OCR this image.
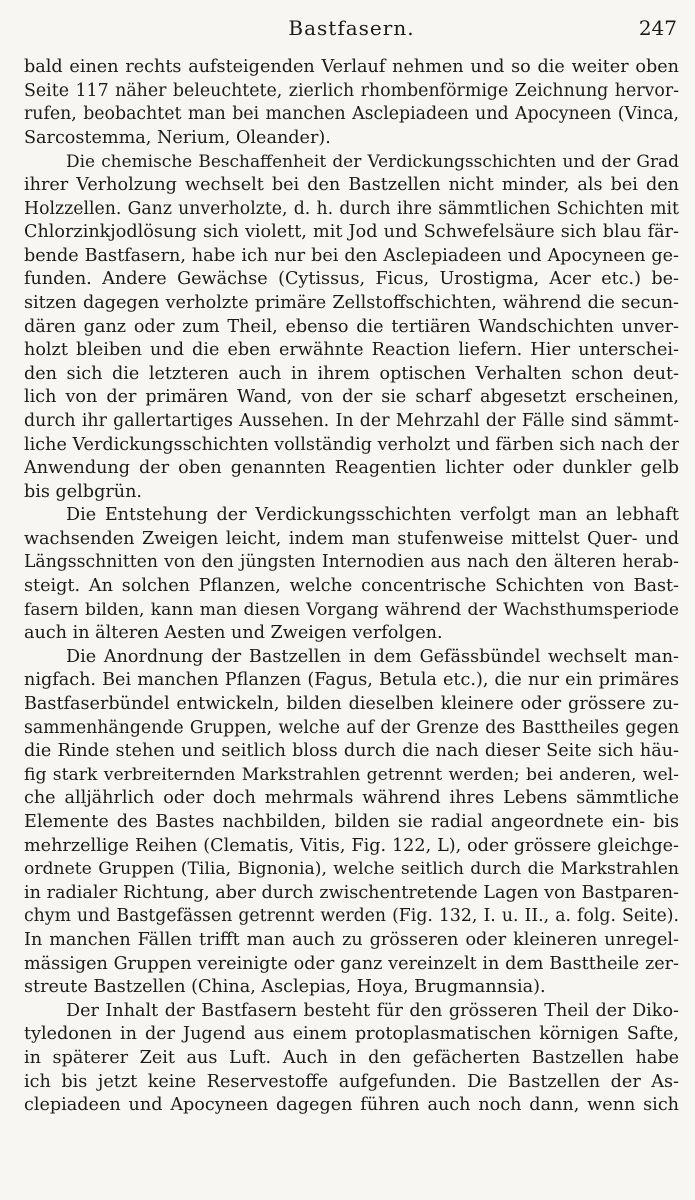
Bastfasern.	247
bald einen rechts aufsteigenden Verlauf nehmen und so die weiter oben
Seite 117 näher beleuchtete, zierlich rhombenförmige Zeichnung hervor-
rufen, beobachtet man bei manchen Asclepiadeen und Apocyneen (Vinca,
Sarcostemma, Nerium, Oleander).
Die chemische Beschaffenheit der Verdickungsschichten und der Grad
ihrer Verholzung wechselt bei den Bastzellen nicht minder, als bei den
Holzzellen. Ganz unverholzte, d. h. durch ihre sämmtlichen Schichten mit
Chlorzinkjodlösung sich violett, mit Jod und Schwefelsäure sich blau fär-
bende Bastfasern, habe ich nur bei den Asclepiadeen und Apocyneen ge-
funden. Andere Gewächse (Cytissus, Ficus, Urostigma, Acer etc.) be-
sitzen dagegen verholzte primäre Zellstoffschichten, während die secun-
dären ganz oder zum Theil, ebenso die tertiären Wandschichten unver-
holzt bleiben und die eben erwähnte Reaction liefern. Hier unterschei-
den sich die letzteren auch in ihrem optischen Verhalten schon deut-
lich von der primären Wand, von der sie scharf abgesetzt erscheinen,
durch ihr gallertartiges Aussehen. In der Mehrzahl der Fälle sind sämmt-
liche Verdickungsschichten vollständig verholzt und färben sich nach der
Anwendung der oben genannten Reagentien lichter oder dunkler gelb
bis gelbgrün.
Die Entstehung der Verdickungsschichten verfolgt man an lebhaft
wachsenden Zweigen leicht, indem man stufenweise mittelst Quer- und
Längsschnitten von den jüngsten Internodien aus nach den älteren herab-
steigt. An solchen Pflanzen, welche concentrische Schichten von Bast-
fasern bilden, kann man diesen Vorgang während der Wachsthumsperiode
auch in älteren Aesten und Zweigen verfolgen.
Die Anordnung der Bastzellen in dem Gefässbündel wechselt man-
nigfach. Bei manchen Pflanzen (Fagus, Betula etc.), die nur ein primäres
Bastfaserbündel entwickeln, bilden dieselben kleinere oder grössere zu-
sammenhängende Gruppen, welche auf der Grenze des Basttheiles gegen
die Rinde stehen und seitlich bloss durch die nach dieser Seite sich häu-
fig stark verbreiternden Markstrahlen getrennt werden; bei anderen, wel-
che alljährlich oder doch mehrmals während ihres Lebens sämmtliche
Elemente des Bastes nachbilden, bilden sie radial angeordnete ein- bis
mehrzellige Reihen (Clematis, Vitis, Fig. 122, L), oder grössere gleichge-
ordnete Gruppen (Tilia, Bignonia), welche seitlich durch die Markstrahlen
in radialer Richtung, aber durch zwischentretende Lagen von Bastparen-
chym und Bastgefässen getrennt werden (Fig. 132, I. u. II., a. folg. Seite).
In manchen Fällen trifft man auch zu grösseren oder kleineren unregel-
mässigen Gruppen vereinigte oder ganz vereinzelt in dem Basttheile zer-
streute Bastzellen (China, Asclepias, Hoya, Brugmannsia).
Der Inhalt der Bastfasern besteht für den grösseren Theil der Diko-
tyledonen in der Jugend aus einem protoplasmatischen körnigen Safte,
in späterer Zeit aus Luft. Auch in den gefächerten Bastzellen habe
ich bis jetzt keine Reservestoffe aufgefunden. Die Bastzellen der As-
clepiadeen und Apocyneen dagegen führen auch noch dann, wenn sich
